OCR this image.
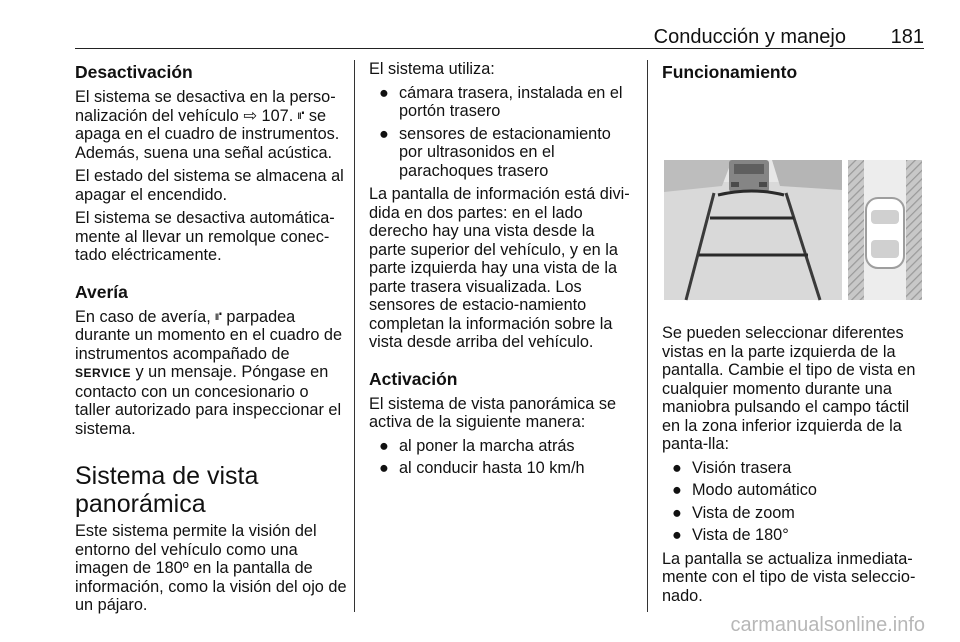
Conducción y manejo 181
Desactivación

El sistema se desactiva en la perso-nalización del vehículo ⇨ 107. ⑈ se apaga en el cuadro de instrumentos. Además, suena una señal acústica.

El estado del sistema se almacena al apagar el encendido.

El sistema se desactiva automática-mente al llevar un remolque conec-tado eléctricamente.

Avería

En caso de avería, ⑈ parpadea durante un momento en el cuadro de instrumentos acompañado de
SERVICE y un mensaje. Póngase en contacto con un concesionario o taller autorizado para inspeccionar el sistema.

Sistema de vista panorámica

Este sistema permite la visión del entorno del vehículo como una imagen de 180º en la pantalla de información, como la visión del ojo de un pájaro.

El sistema utiliza:

● cámara trasera, instalada en el portón trasero
● sensores de estacionamiento por ultrasonidos en el parachoques trasero

La pantalla de información está divi-dida en dos partes: en el lado derecho hay una vista desde la parte superior del vehículo, y en la parte izquierda hay una vista de la parte trasera visualizada. Los sensores de estacio-namiento completan la información sobre la vista desde arriba del vehículo.

Activación

El sistema de vista panorámica se activa de la siguiente manera:

● al poner la marcha atrás
● al conducir hasta 10 km/h
Funcionamiento

Se pueden seleccionar diferentes vistas en la parte izquierda de la pantalla. Cambie el tipo de vista en cualquier momento durante una maniobra pulsando el campo táctil en la zona inferior izquierda de la panta-lla:

● Visión trasera
● Modo automático
● Vista de zoom
● Vista de 180°

La pantalla se actualiza inmediata-mente con el tipo de vista seleccio-nado.

carmanualsonline.info
